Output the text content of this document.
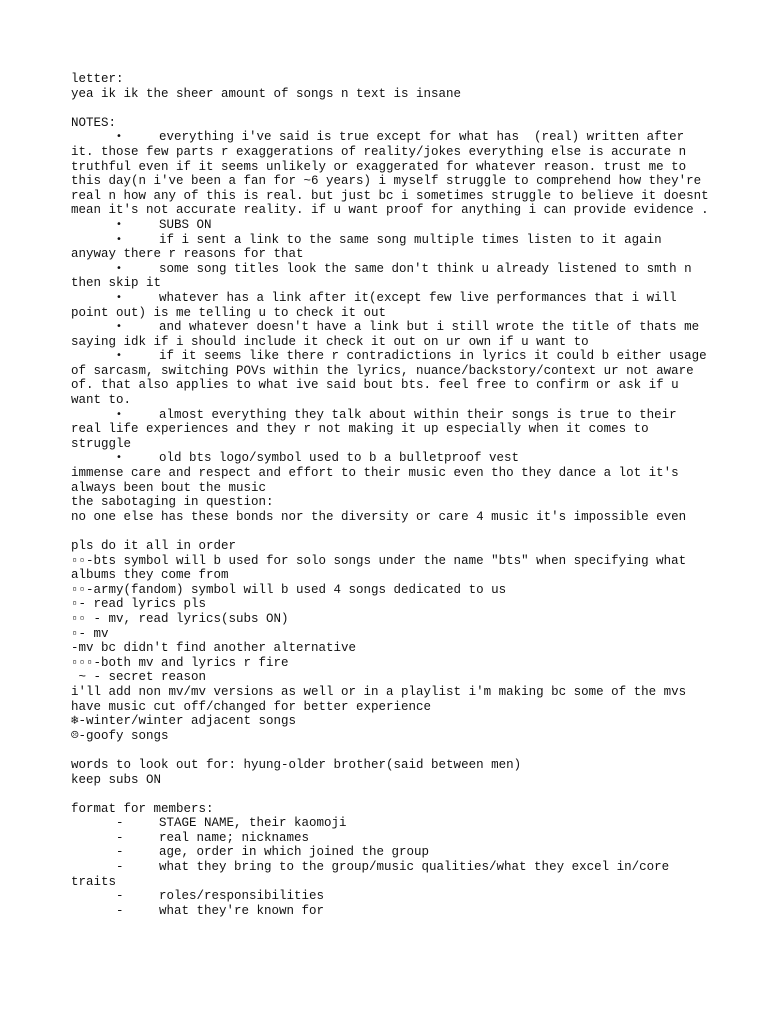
letter:
yea ik ik the sheer amount of songs n text is insane
NOTES:
•	everything i've said is true except for what has  (real) written after it. those few parts r exaggerations of reality/jokes everything else is accurate n truthful even if it seems unlikely or exaggerated for whatever reason. trust me to this day(n i've been a fan for ~6 years) i myself struggle to comprehend how they're real n how any of this is real. but just bc i sometimes struggle to believe it doesnt mean it's not accurate reality. if u want proof for anything i can provide evidence .
•	SUBS ON
•	if i sent a link to the same song multiple times listen to it again anyway there r reasons for that
•	some song titles look the same don't think u already listened to smth n then skip it
•	whatever has a link after it(except few live performances that i will point out) is me telling u to check it out
•	and whatever doesn't have a link but i still wrote the title of thats me saying idk if i should include it check it out on ur own if u want to
•	if it seems like there r contradictions in lyrics it could b either usage of sarcasm, switching POVs within the lyrics, nuance/backstory/context ur not aware of. that also applies to what ive said bout bts. feel free to confirm or ask if u want to.
•	almost everything they talk about within their songs is true to their real life experiences and they r not making it up especially when it comes to struggle
•	old bts logo/symbol used to b a bulletproof vest
immense care and respect and effort to their music even tho they dance a lot it's always been bout the music
the sabotaging in question:
no one else has these bonds nor the diversity or care 4 music it's impossible even
pls do it all in order
▫▫-bts symbol will b used for solo songs under the name "bts" when specifying what albums they come from
▫▫-army(fandom) symbol will b used 4 songs dedicated to us
▫- read lyrics pls
▫▫ - mv, read lyrics(subs ON)
▫- mv
-mv bc didn't find another alternative
▫▫▫-both mv and lyrics r fire
~ - secret reason
i'll add non mv/mv versions as well or in a playlist i'm making bc some of the mvs have music cut off/changed for better experience
❄-winter/winter adjacent songs
☹-goofy songs
words to look out for: hyung-older brother(said between men)
keep subs ON
format for members:
-	STAGE NAME, their kaomoji
-	real name; nicknames
-	age, order in which joined the group
-	what they bring to the group/music qualities/what they excel in/core traits
-	roles/responsibilities
-	what they're known for
